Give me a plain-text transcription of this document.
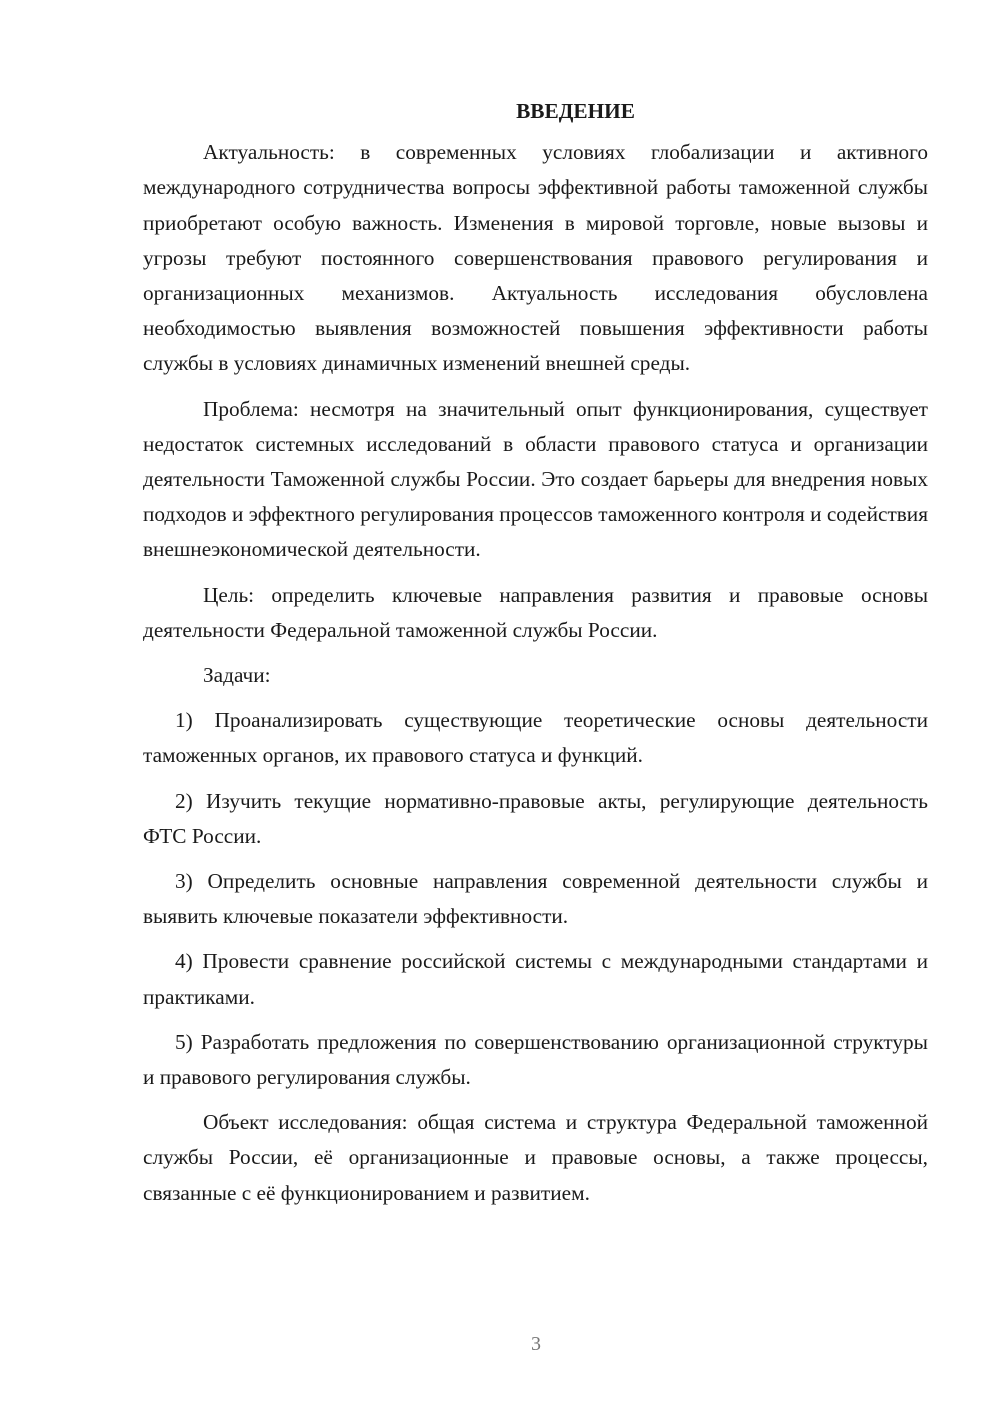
ВВЕДЕНИЕ

Актуальность: в современных условиях глобализации и активного международного сотрудничества вопросы эффективной работы таможенной службы приобретают особую важность. Изменения в мировой торговле, новые вызовы и угрозы требуют постоянного совершенствования правового регулирования и организационных механизмов. Актуальность исследования обусловлена необходимостью выявления возможностей повышения эффективности работы службы в условиях динамичных изменений внешней среды.

Проблема: несмотря на значительный опыт функционирования, существует недостаток системных исследований в области правового статуса и организации деятельности Таможенной службы России. Это создает барьеры для внедрения новых подходов и эффектного регулирования процессов таможенного контроля и содействия внешнеэкономической деятельности.

Цель: определить ключевые направления развития и правовые основы деятельности Федеральной таможенной службы России.

Задачи:

1) Проанализировать существующие теоретические основы деятельности таможенных органов, их правового статуса и функций.

2) Изучить текущие нормативно-правовые акты, регулирующие деятельность ФТС России.

3) Определить основные направления современной деятельности службы и выявить ключевые показатели эффективности.

4) Провести сравнение российской системы с международными стандартами и практиками.

5) Разработать предложения по совершенствованию организационной структуры и правового регулирования службы.

Объект исследования: общая система и структура Федеральной таможенной службы России, её организационные и правовые основы, а также процессы, связанные с её функционированием и развитием.

3
